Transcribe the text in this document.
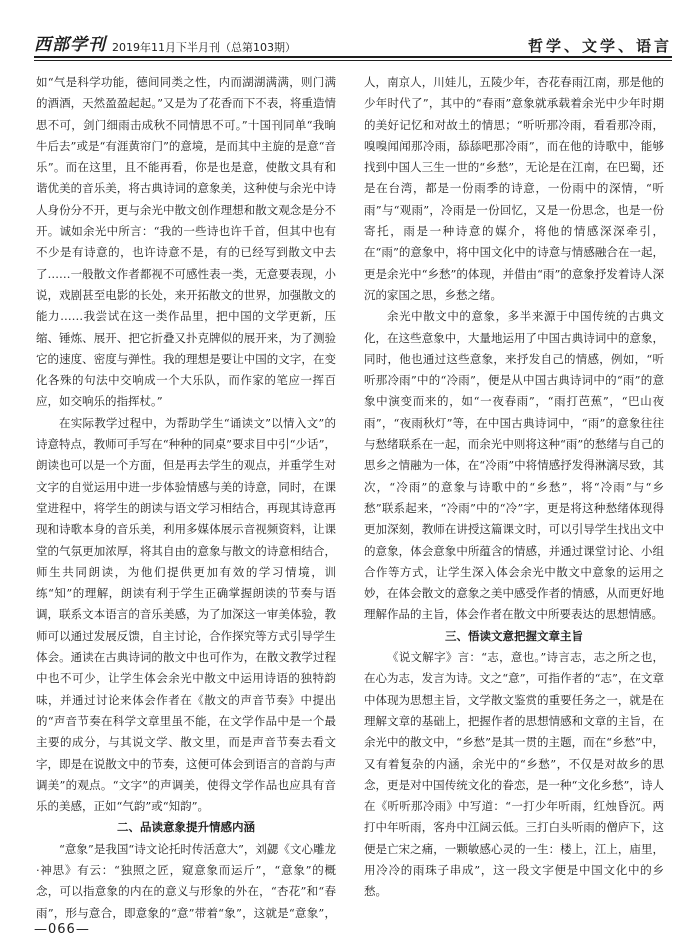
西部学刊 2019年11月下半月刊（总第103期）	哲学、文学、语言

如“气是科学功能，德间同类之性，内而湖湖满满，则门满的酒酒，天然盈盈起起。”又是为了花香而下不表，将重造情思不可，剑门细雨击成秋不同情思不可。”十国刊同单“我晌牛后去”或是“有涯黄帘门”的意境，是而其中主旋的是意“音乐”。而在这里，且不能再看，你是也是意，使散文具有和谐优美的音乐美，将古典诗词的意象美，这种使与余光中诗人身份分不开，更与余光中散文创作理想和散文观念是分不开。诚如余光中所言：“我的一些诗也许千首，但其中也有不少是有诗意的，也许诗意不是，有的已经写到散文中去了……一般散文作者都视不可感性表一类，无意要表现，小说，戏剧甚至电影的长处，来开拓散文的世界，加强散文的能力……我尝试在这一类作品里，把中国的文学更新，压缩、锤炼、展开、把它折叠又扑克牌似的展开来，为了测验它的速度、密度与弹性。我的理想是要让中国的文字，在变化各殊的句法中交响成一个大乐队，而作家的笔应一挥百应，如交响乐的指挥杖。”

在实际教学过程中，为帮助学生“诵读文”以情入文”的诗意特点，教师可手写在“种种的同桌”要求目中引“少话”，朗读也可以是一个方面，但是再去学生的观点，并重学生对文字的自觉运用中进一步体验情感与美的诗意，同时，在课堂进程中，将学生的朗读与语文学习相结合，再现其诗意再现和诗歌本身的音乐美，利用多媒体展示音视频资料，让课堂的气氛更加浓厚，将其自由的意象与散文的诗意相结合，师生共同朗读，为他们提供更加有效的学习情境，训练“知”的理解，朗读有利于学生正确掌握朗读的节奏与语调，联系文本语言的音乐美感，为了加深这一审美体验，教师可以通过发展反馈，自主讨论，合作探究等方式引导学生体会。通读在古典诗词的散文中也可作为，在散文教学过程中也不可少，让学生体会余光中散文中运用诗语的独特韵味，并通过讨论来体会作者在《散文的声音节奏》中提出的“声音节奏在科学文章里虽不能，在文学作品中是一个最主要的成分，与其说文学、散文里，而是声音节奏去看文字，即是在说散文中的节奏，这便可体会到语言的音韵与声调美”的观点。“文字”的声调美，使得文学作品也应具有音乐的美感，正如“气韵”或“知韵”。

二、品读意象提升情感内涵

“意象”是我国“诗文论托时传活意大”，刘勰《文心雕龙·神思》有云：“独照之匠，窥意象而运斤”，“意象”的概念，可以指意象的内在的意义与形象的外在，“杏花”和“春雨”，形与意合，即意象的“意”带着“象”，这就是“意象”，

人，南京人，川娃儿，五陵少年，杏花春雨江南，那是他的少年时代了”，其中的“春雨”意象就承载着余光中少年时期的美好记忆和对故土的情思；“听听那冷雨，看看那冷雨，嗅嗅闻闻那冷雨，舔舔吧那冷雨”，而在他的诗歌中，能够找到中国人三生一世的“乡愁”，无论是在江南，在巴蜀，还是在台湾，都是一份雨季的诗意，一份雨中的深情，“听雨”与“观雨”，冷雨是一份回忆，又是一份思念，也是一份寄托，雨是一种诗意的媒介，将他的情感深深牵引，在“雨”的意象中，将中国文化中的诗意与情感融合在一起，更是余光中“乡愁”的体现，并借由“雨”的意象抒发着诗人深沉的家国之思，乡愁之绪。

余光中散文中的意象，多半来源于中国传统的古典文化，在这些意象中，大量地运用了中国古典诗词中的意象，同时，他也通过这些意象，来抒发自己的情感，例如，“听听那冷雨”中的“冷雨”，便是从中国古典诗词中的“雨”的意象中演变而来的，如“一夜春雨”，“雨打芭蕉”，“巴山夜雨”，“夜雨秋灯”等，在中国古典诗词中，“雨”的意象往往与愁绪联系在一起，而余光中则将这种“雨”的愁绪与自己的思乡之情融为一体，在“冷雨”中将情感抒发得淋漓尽致，其次，“冷雨”的意象与诗歌中的“乡愁”，将“冷雨”与“乡愁”联系起来，“冷雨”中的“冷”字，更是将这种愁绪体现得更加深刻，教师在讲授这篇课文时，可以引导学生找出文中的意象，体会意象中所蕴含的情感，并通过课堂讨论、小组合作等方式，让学生深入体会余光中散文中意象的运用之妙，在体会散文的意象之美中感受作者的情感，从而更好地理解作品的主旨，体会作者在散文中所要表达的思想情感。

三、悟读文意把握文章主旨

《说文解字》言：“志，意也。”诗言志，志之所之也，在心为志，发言为诗。文之“意”，可指作者的“志”，在文章中体现为思想主旨，文学散文鉴赏的重要任务之一，就是在理解文章的基础上，把握作者的思想情感和文章的主旨，在余光中的散文中，“乡愁”是其一贯的主题，而在“乡愁”中，又有着复杂的内涵，余光中的“乡愁”，不仅是对故乡的思念，更是对中国传统文化的眷恋，是一种“文化乡愁”，诗人在《听听那冷雨》中写道：“一打少年听雨，红烛昏沉。两打中年听雨，客舟中江阔云低。三打白头听雨的僧庐下，这便是亡宋之痛，一颗敏感心灵的一生：楼上，江上，庙里，用冷冷的雨珠子串成”，这一段文字便是中国文化中的乡愁。

—066—
